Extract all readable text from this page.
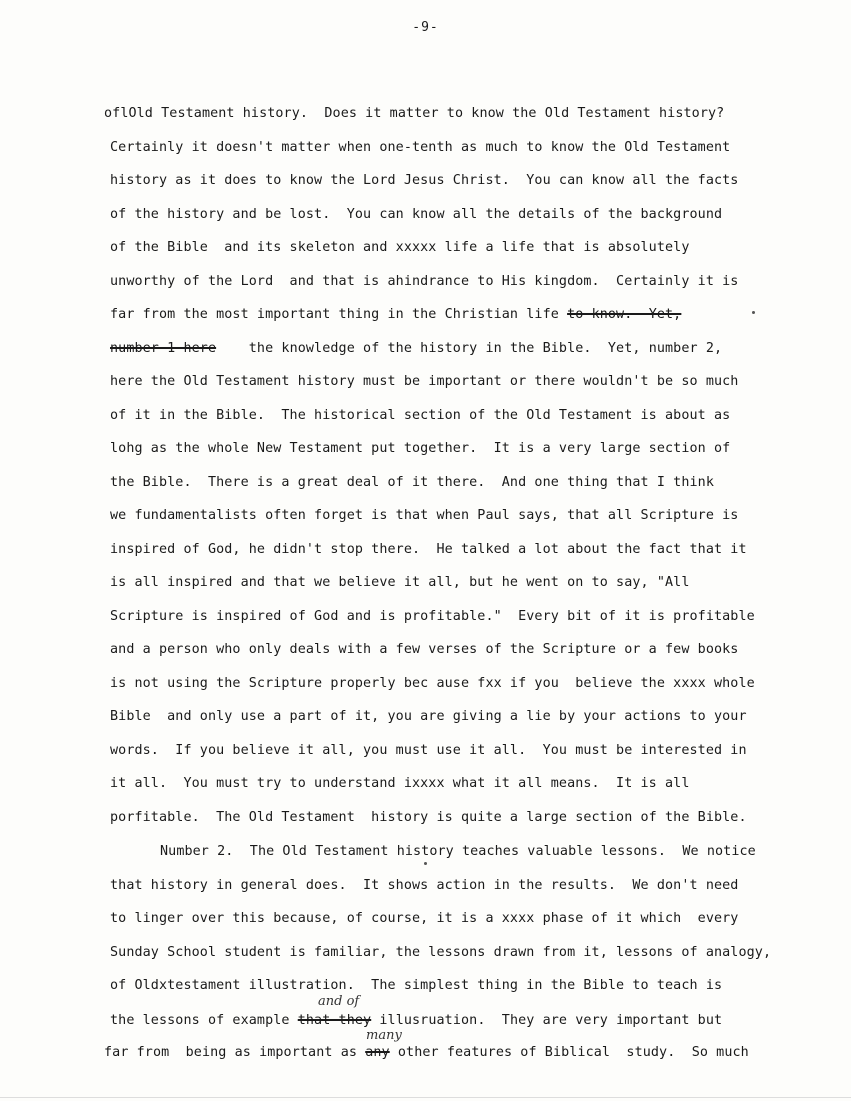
-9-
oflOld Testament history.  Does it matter to know the Old Testament history?
Certainly it doesn't matter when one-tenth as much to know the Old Testament
history as it does to know the Lord Jesus Christ.  You can know all the facts
of the history and be lost.  You can know all the details of the background
of the Bible  and its skeleton and xxxxx life a life that is absolutely
unworthy of the Lord  and that is ahindrance to His kingdom.  Certainly it is
far from the most important thing in the Christian life to know.  Yet,
number 1 here the knowledge of the history in the Bible.  Yet, number 2,
here the Old Testament history must be important or there wouldn't be so much
of it in the Bible.  The historical section of the Old Testament is about as
lohg as the whole New Testament put together.  It is a very large section of
the Bible.  There is a great deal of it there.  And one thing that I think
we fundamentalists often forget is that when Paul says, that all Scripture is
inspired of God, he didn't stop there.  He talked a lot about the fact that it
is all inspired and that we believe it all, but he went on to say, "All
Scripture is inspired of God and is profitable."  Every bit of it is profitable
and a person who only deals with a few verses of the Scripture or a few books
is not using the Scripture properly bec ause fxx if you  believe the xxxx whole
Bible  and only use a part of it, you are giving a lie by your actions to your
words.  If you believe it all, you must use it all.  You must be interested in
it all.  You must try to understand ixxxx what it all means.  It is all
porfitable.  The Old Testament  history is quite a large section of the Bible.
Number 2.  The Old Testament history teaches valuable lessons.  We notice
that history in general does.  It shows action in the results.  We don't need
to linger over this because, of course, it is a xxxx phase of it which  every
Sunday School student is familiar, the lessons drawn from it, lessons of analogy,
of Oldxtestament illustration.  The simplest thing in the Bible to teach is
the lessons of example that they illusruation.  They are very important but
far from  being as important as any other features of Biblical  study.  So much
and of
many
